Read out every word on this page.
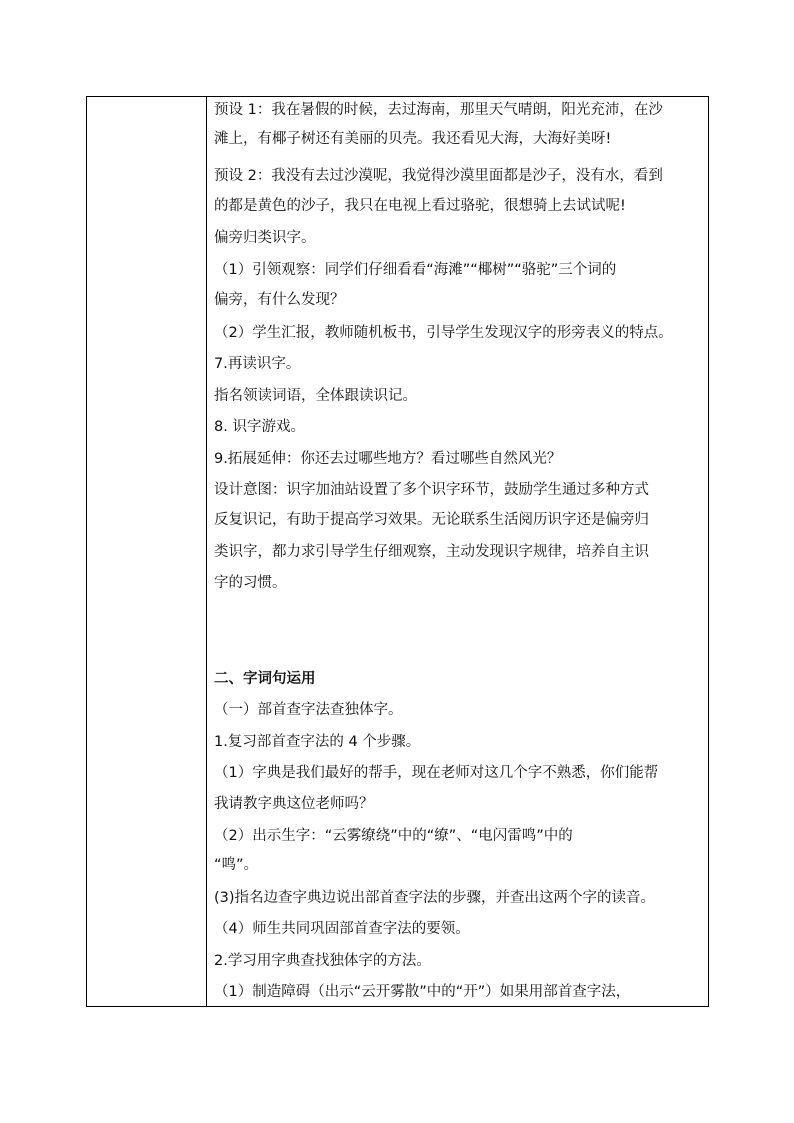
预设 1：我在暑假的时候，去过海南，那里天气晴朗，阳光充沛，在沙
滩上，有椰子树还有美丽的贝壳。我还看见大海，大海好美呀!
预设 2：我没有去过沙漠呢，我觉得沙漠里面都是沙子，没有水，看到
的都是黄色的沙子，我只在电视上看过骆驼，很想骑上去试试呢!
偏旁归类识字。
（1）引领观察：同学们仔细看看“海滩”“椰树”“骆驼”三个词的
偏旁，有什么发现？
（2）学生汇报，教师随机板书，引导学生发现汉字的形旁表义的特点。
7.再读识字。
指名领读词语，全体跟读识记。
8. 识字游戏。
9.拓展延伸：你还去过哪些地方？看过哪些自然风光？
设计意图：识字加油站设置了多个识字环节，鼓励学生通过多种方式
反复识记，有助于提高学习效果。无论联系生活阅历识字还是偏旁归
类识字，都力求引导学生仔细观察，主动发现识字规律，培养自主识
字的习惯。
二、字词句运用
（一）部首查字法查独体字。
1.复习部首查字法的 4 个步骤。
（1）字典是我们最好的帮手，现在老师对这几个字不熟悉，你们能帮
我请教字典这位老师吗？
（2）出示生字：“云雾缭绕”中的“缭”、“电闪雷鸣”中的
“鸣”。
(3)指名边查字典边说出部首查字法的步骤，并查出这两个字的读音。
（4）师生共同巩固部首查字法的要领。
2.学习用字典查找独体字的方法。
（1）制造障碍（出示“云开雾散”中的“开”）如果用部首查字法，
